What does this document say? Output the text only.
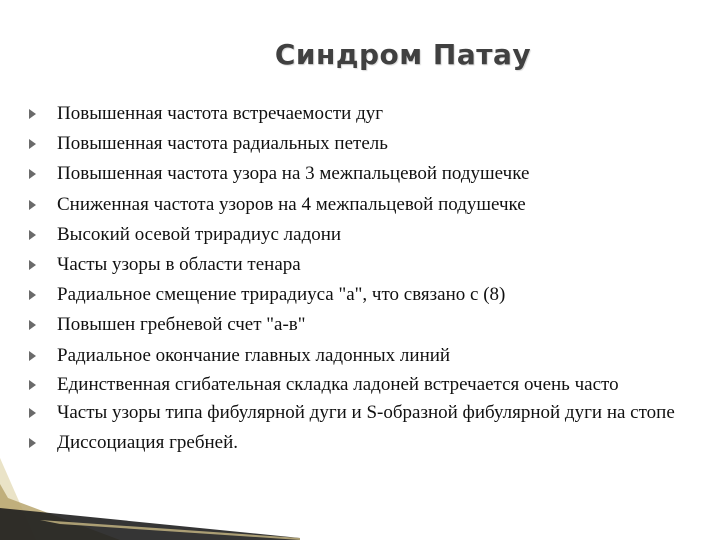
Синдром Патау
Повышенная частота встречаемости дуг
Повышенная частота радиальных петель
Повышенная частота узора на 3 межпальцевой подушечке
Сниженная частота узоров на 4 межпальцевой подушечке
Высокий осевой трирадиус ладони
Часты узоры в области тенара
Радиальное смещение трирадиуса "а", что связано с (8)
Повышен гребневой счет "а-в"
Радиальное окончание главных ладонных линий
Единственная сгибательная складка ладоней встречается очень часто
Часты узоры типа фибулярной дуги и S-образной фибулярной дуги на стопе
Диссоциация гребней.
